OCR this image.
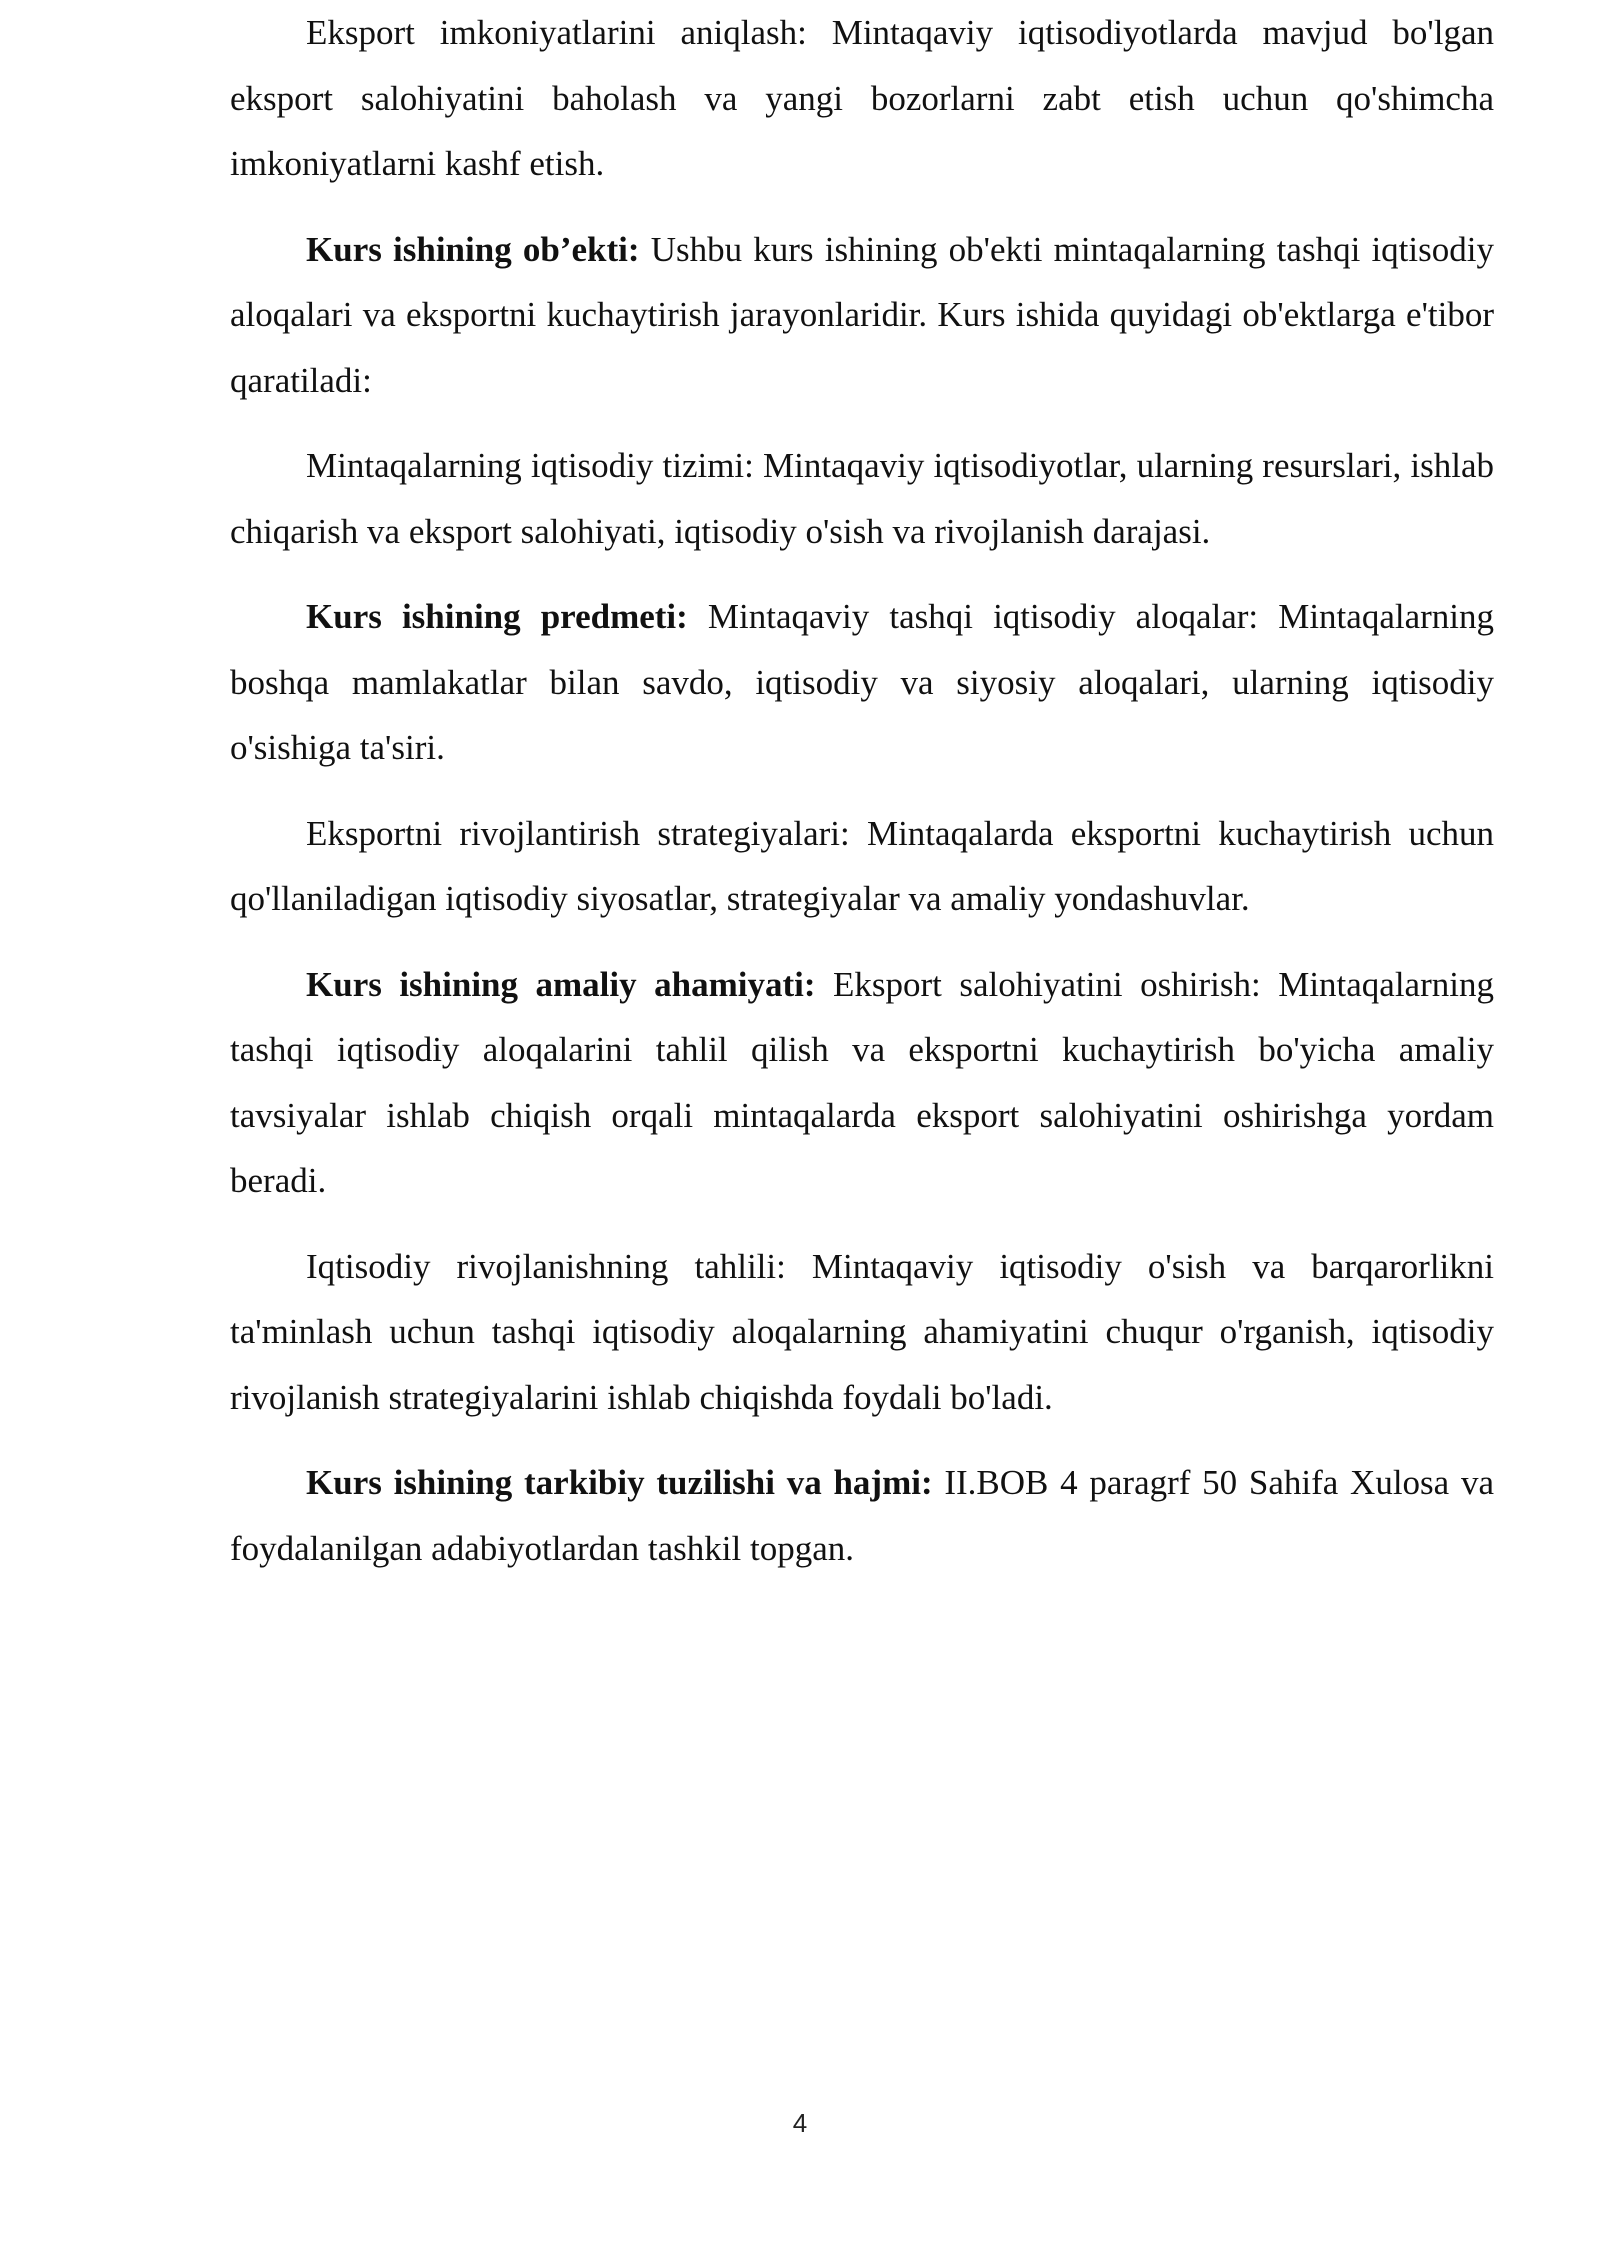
Eksport imkoniyatlarini aniqlash: Mintaqaviy iqtisodiyotlarda mavjud bo'lgan eksport salohiyatini baholash va yangi bozorlarni zabt etish uchun qo'shimcha imkoniyatlarni kashf etish.

Kurs ishining ob’ekti: Ushbu kurs ishining ob'ekti mintaqalarning tashqi iqtisodiy aloqalari va eksportni kuchaytirish jarayonlaridir. Kurs ishida quyidagi ob'ektlarga e'tibor qaratiladi:

Mintaqalarning iqtisodiy tizimi: Mintaqaviy iqtisodiyotlar, ularning resurslari, ishlab chiqarish va eksport salohiyati, iqtisodiy o'sish va rivojlanish darajasi.

Kurs ishining predmeti: Mintaqaviy tashqi iqtisodiy aloqalar: Mintaqalarning boshqa mamlakatlar bilan savdo, iqtisodiy va siyosiy aloqalari, ularning iqtisodiy o'sishiga ta'siri.

Eksportni rivojlantirish strategiyalari: Mintaqalarda eksportni kuchaytirish uchun qo'llaniladigan iqtisodiy siyosatlar, strategiyalar va amaliy yondashuvlar.

Kurs ishining amaliy ahamiyati: Eksport salohiyatini oshirish: Mintaqalarning tashqi iqtisodiy aloqalarini tahlil qilish va eksportni kuchaytirish bo'yicha amaliy tavsiyalar ishlab chiqish orqali mintaqalarda eksport salohiyatini oshirishga yordam beradi.

Iqtisodiy rivojlanishning tahlili: Mintaqaviy iqtisodiy o'sish va barqarorlikni ta'minlash uchun tashqi iqtisodiy aloqalarning ahamiyatini chuqur o'rganish, iqtisodiy rivojlanish strategiyalarini ishlab chiqishda foydali bo'ladi.

Kurs ishining tarkibiy tuzilishi va hajmi: II.BOB 4 paragrf 50 Sahifa Xulosa va foydalanilgan adabiyotlardan tashkil topgan.

4
